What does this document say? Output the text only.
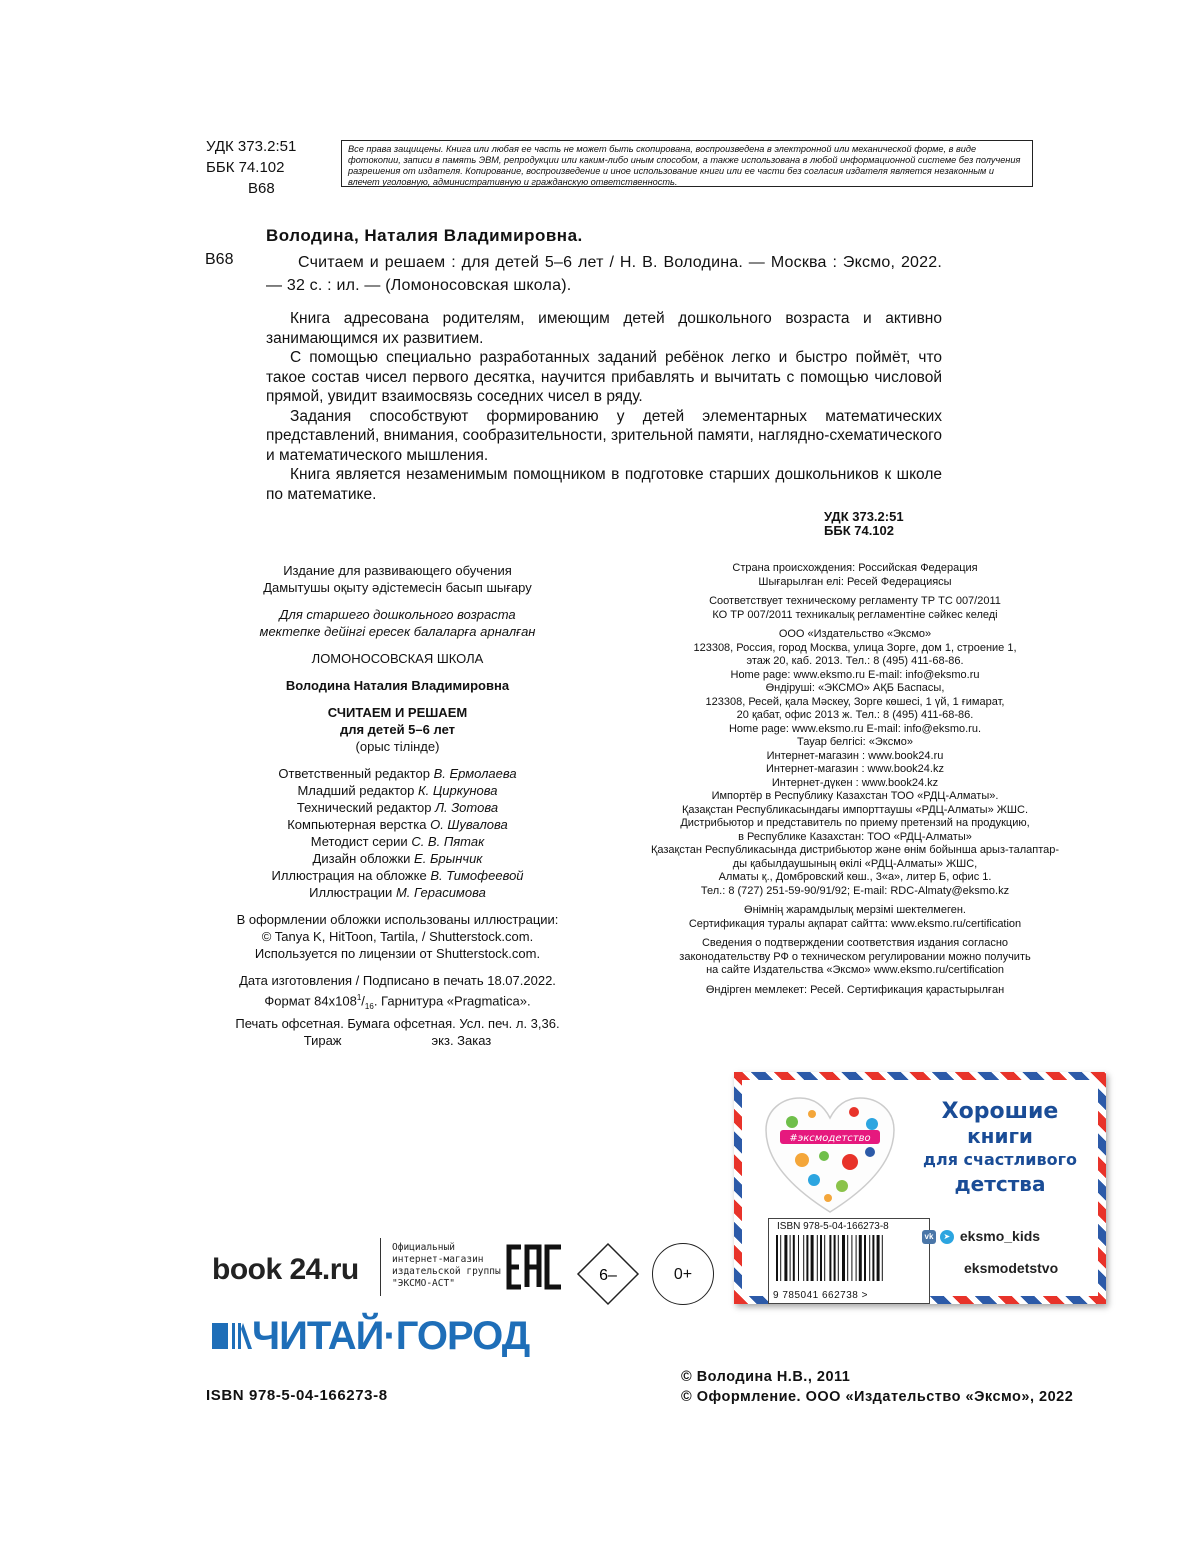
УДК 373.2:51
ББК 74.102
В68
Все права защищены. Книга или любая ее часть не может быть скопирована, воспроизведена в электронной или механической форме, в виде фотокопии, записи в память ЭВМ, репродукции или каким-либо иным способом, а также использована в любой информационной системе без получения разрешения от издателя. Копирование, воспроизведение и иное использование книги или ее части без согласия издателя является незаконным и влечет уголовную, административную и гражданскую ответственность.
Володина, Наталия Владимировна.
В68	Считаем и решаем : для детей 5–6 лет / Н. В. Володина. — Москва : Эксмо, 2022. — 32 с. : ил. — (Ломоносовская школа).

Книга адресована родителям, имеющим детей дошкольного возраста и активно занимающимся их развитием.

С помощью специально разработанных заданий ребёнок легко и быстро поймёт, что такое состав чисел первого десятка, научится прибавлять и вычитать с помощью числовой прямой, увидит взаимосвязь соседних чисел в ряду.

Задания способствуют формированию у детей элементарных математических представлений, внимания, сообразительности, зрительной памяти, наглядно-схематического и математического мышления.

Книга является незаменимым помощником в подготовке старших дошкольников к школе по математике.

УДК 373.2:51
ББК 74.102
Издание для развивающего обучения
Дамытушы оқыту әдістемесін басып шығару
Для старшего дошкольного возраста
мектепке дейінгі ересек балаларға арналған
ЛОМОНОСОВСКАЯ ШКОЛА
Володина Наталия Владимировна
СЧИТАЕМ И РЕШАЕМ
для детей 5–6 лет
(орыс тілінде)
Ответственный редактор В. Ермолаева
Младший редактор К. Циркунова
Технический редактор Л. Зотова
Компьютерная верстка О. Шувалова
Методист серии С. В. Пятак
Дизайн обложки Е. Брынчик
Иллюстрация на обложке В. Тимофеевой
Иллюстрации М. Герасимова
В оформлении обложки использованы иллюстрации:
© Tanya K, HitToon, Tartila, / Shutterstock.com.
Используется по лицензии от Shutterstock.com.
Дата изготовления / Подписано в печать 18.07.2022.
Формат $84х108^1/_{16}$. Гарнитура «Pragmatica».
Печать офсетная. Бумага офсетная. Усл. печ. л. 3,36.
Тираж	экз. Заказ
Страна происхождения: Российская Федерация
Шығарылған елі: Ресей Федерациясы
Соответствует техническому регламенту ТР ТС 007/2011
КО ТР 007/2011 техникалық регламентіне сәйкес келеді
ООО «Издательство «Эксмо»
123308, Россия, город Москва, улица Зорге, дом 1, строение 1,
этаж 20, каб. 2013. Тел.: 8 (495) 411-68-86.
Home page: www.eksmo.ru E-mail: info@eksmo.ru
Өндіруші: «ЭКСМО» АҚБ Баспасы,
123308, Ресей, қала Мәскеу, Зорге көшесі, 1 үй, 1 ғимарат,
20 қабат, офис 2013 ж. Тел.: 8 (495) 411-68-86.
Home page: www.eksmo.ru E-mail: info@eksmo.ru.
Тауар белгісі: «Эксмо»
Интернет-магазин : www.book24.ru
Интернет-магазин : www.book24.kz
Интернет-дүкен : www.book24.kz
Импортёр в Республику Казахстан ТОО «РДЦ-Алматы».
Қазақстан Республикасындағы импорттаушы «РДЦ-Алматы» ЖШС.
Дистрибьютор и представитель по приему претензий на продукцию,
в Республике Казахстан: ТОО «РДЦ-Алматы»
Қазақстан Республикасында дистрибьютор және өнім бойынша арыз-талаптар-
ды қабылдаушының өкілі «РДЦ-Алматы» ЖШС,
Алматы қ., Домбровский көш., 3«а», литер Б, офис 1.
Тел.: 8 (727) 251-59-90/91/92; E-mail: RDC-Almaty@eksmo.kz
Өнімнің жарамдылық мерзімі шектелмеген.
Сертификация туралы ақпарат сайтта: www.eksmo.ru/certification
Сведения о подтверждении соответствия издания согласно
законодательству РФ о техническом регулировании можно получить
на сайте Издательства «Эксмо» www.eksmo.ru/certification
Өндірген мемлекет: Ресей. Сертификация қарастырылған
#эксмодетство
Хорошие
книги
для счастливого
детства
ISBN 978-5-04-166273-8
9 785041 662738 >
vk ➤ eksmo_kids
eksmodetstvo
book 24.ru
Официальный
интернет-магазин
издательской группы
"ЭКСМО-АСТ"	6–	0+
ЧИТАЙ·ГОРОД
ISBN 978-5-04-166273-8
© Володина Н.В., 2011
© Оформление. ООО «Издательство «Эксмо», 2022
